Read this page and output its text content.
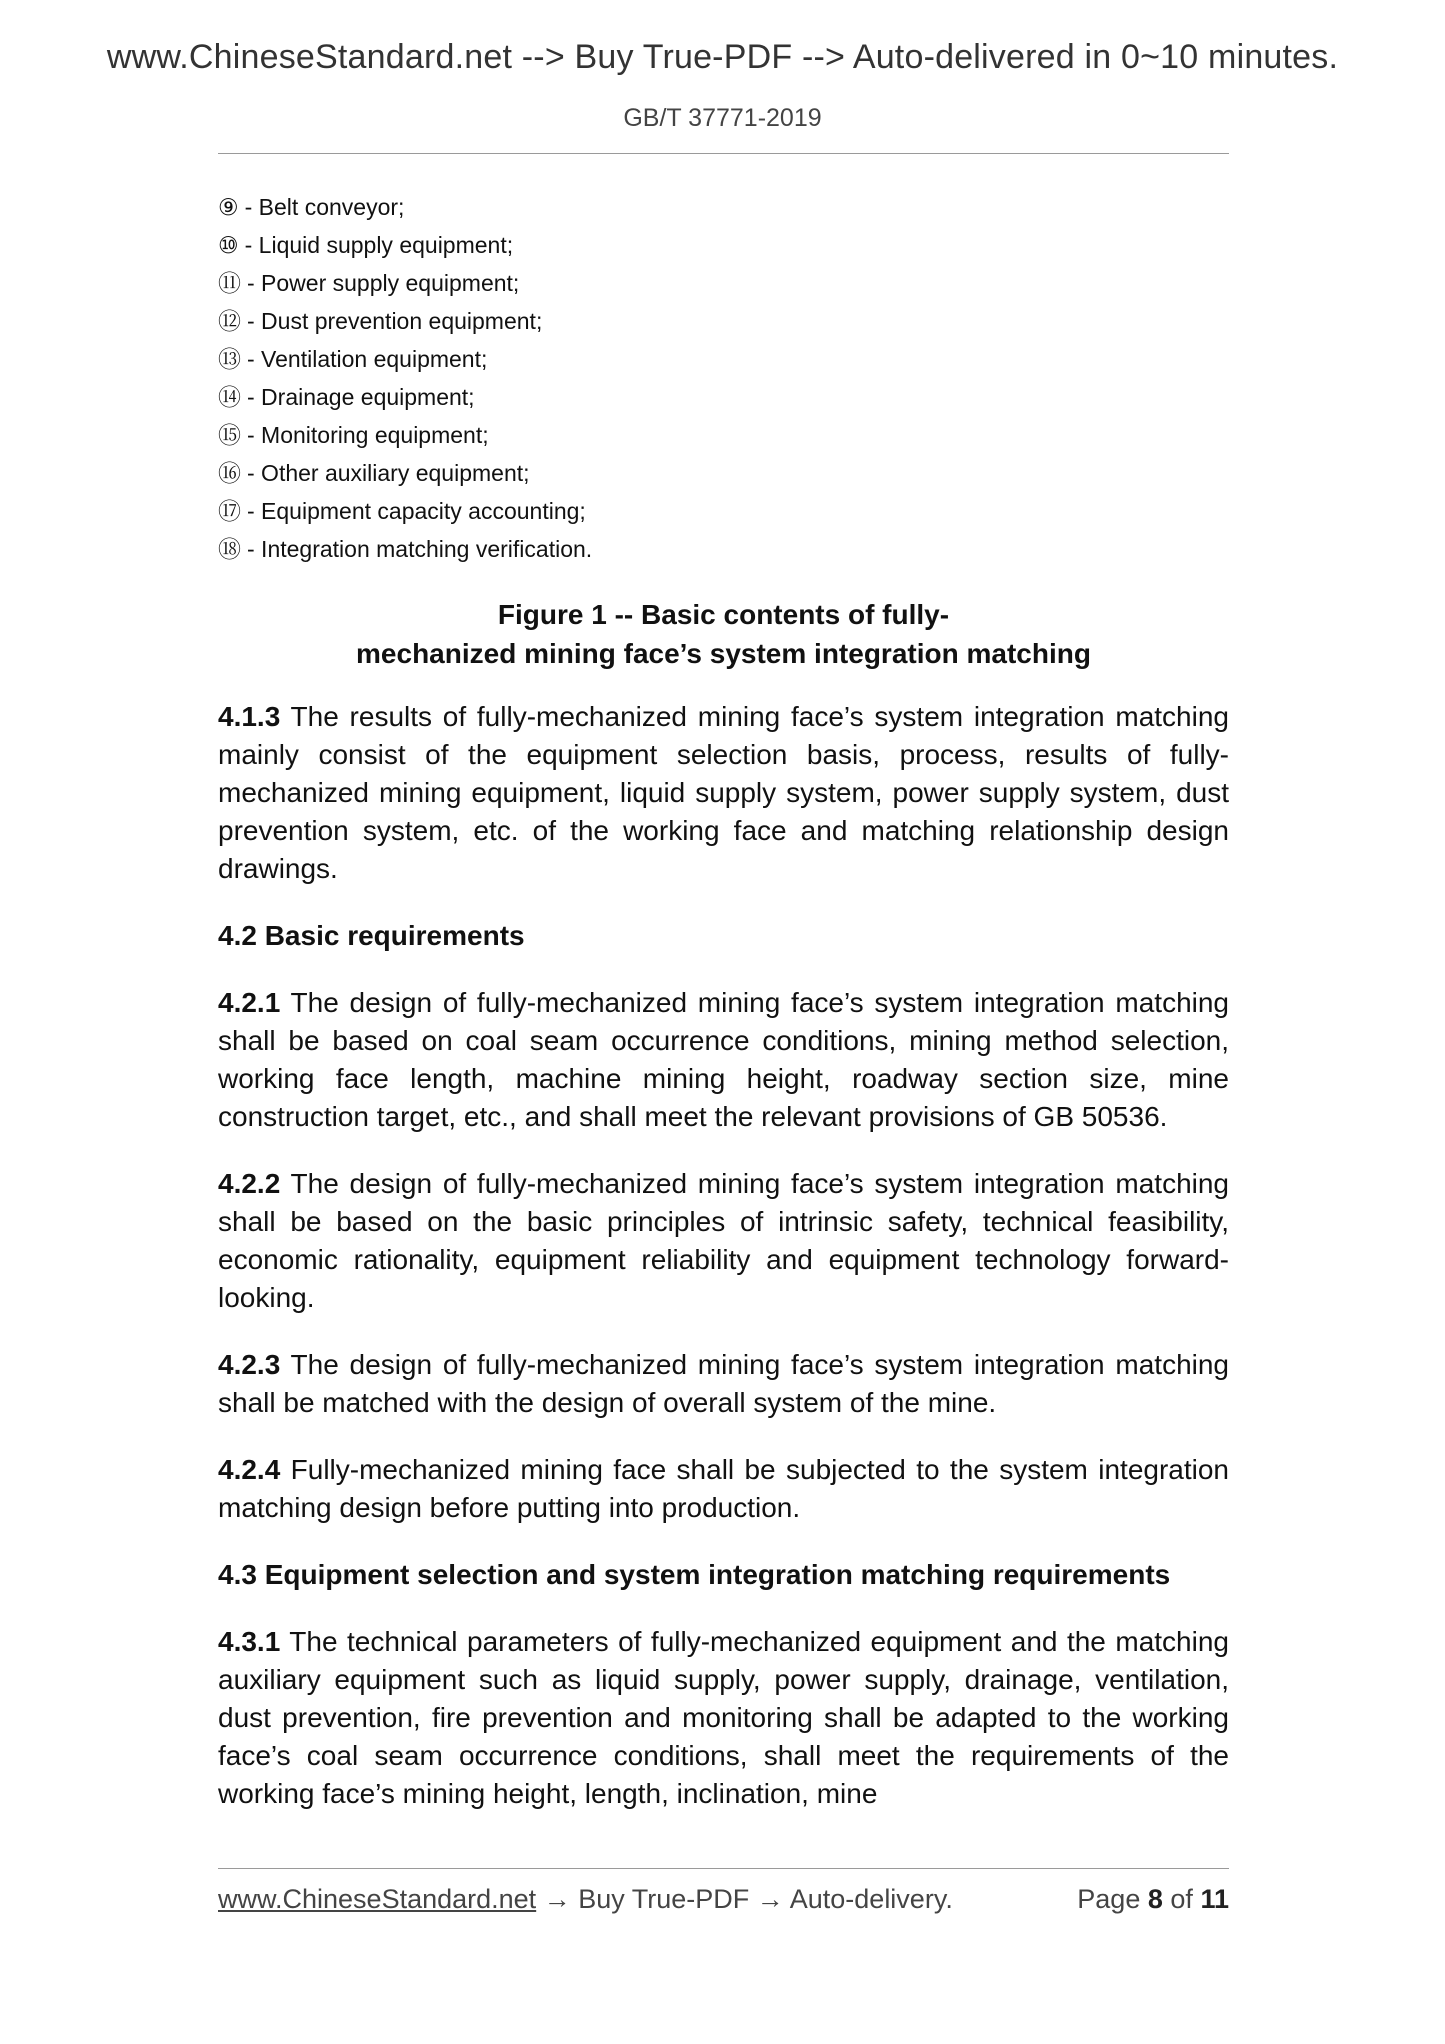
www.ChineseStandard.net --> Buy True-PDF --> Auto-delivered in 0~10 minutes.
GB/T 37771-2019
⑨ - Belt conveyor;
⑩ - Liquid supply equipment;
⑪ - Power supply equipment;
⑫ - Dust prevention equipment;
⑬ - Ventilation equipment;
⑭ - Drainage equipment;
⑮ - Monitoring equipment;
⑯ - Other auxiliary equipment;
⑰ - Equipment capacity accounting;
⑱ - Integration matching verification.
Figure 1 -- Basic contents of fully-
mechanized mining face’s system integration matching

4.1.3 The results of fully-mechanized mining face’s system integration matching mainly consist of the equipment selection basis, process, results of fully-mechanized mining equipment, liquid supply system, power supply system, dust prevention system, etc. of the working face and matching relationship design drawings.

4.2 Basic requirements

4.2.1 The design of fully-mechanized mining face’s system integration matching shall be based on coal seam occurrence conditions, mining method selection, working face length, machine mining height, roadway section size, mine construction target, etc., and shall meet the relevant provisions of GB 50536.

4.2.2 The design of fully-mechanized mining face’s system integration matching shall be based on the basic principles of intrinsic safety, technical feasibility, economic rationality, equipment reliability and equipment technology forward-looking.

4.2.3 The design of fully-mechanized mining face’s system integration matching shall be matched with the design of overall system of the mine.

4.2.4 Fully-mechanized mining face shall be subjected to the system integration matching design before putting into production.

4.3 Equipment selection and system integration matching requirements

4.3.1 The technical parameters of fully-mechanized equipment and the matching auxiliary equipment such as liquid supply, power supply, drainage, ventilation, dust prevention, fire prevention and monitoring shall be adapted to the working face’s coal seam occurrence conditions, shall meet the requirements of the working face’s mining height, length, inclination, mine

www.ChineseStandard.net → Buy True-PDF → Auto-delivery.	Page 8 of 11
